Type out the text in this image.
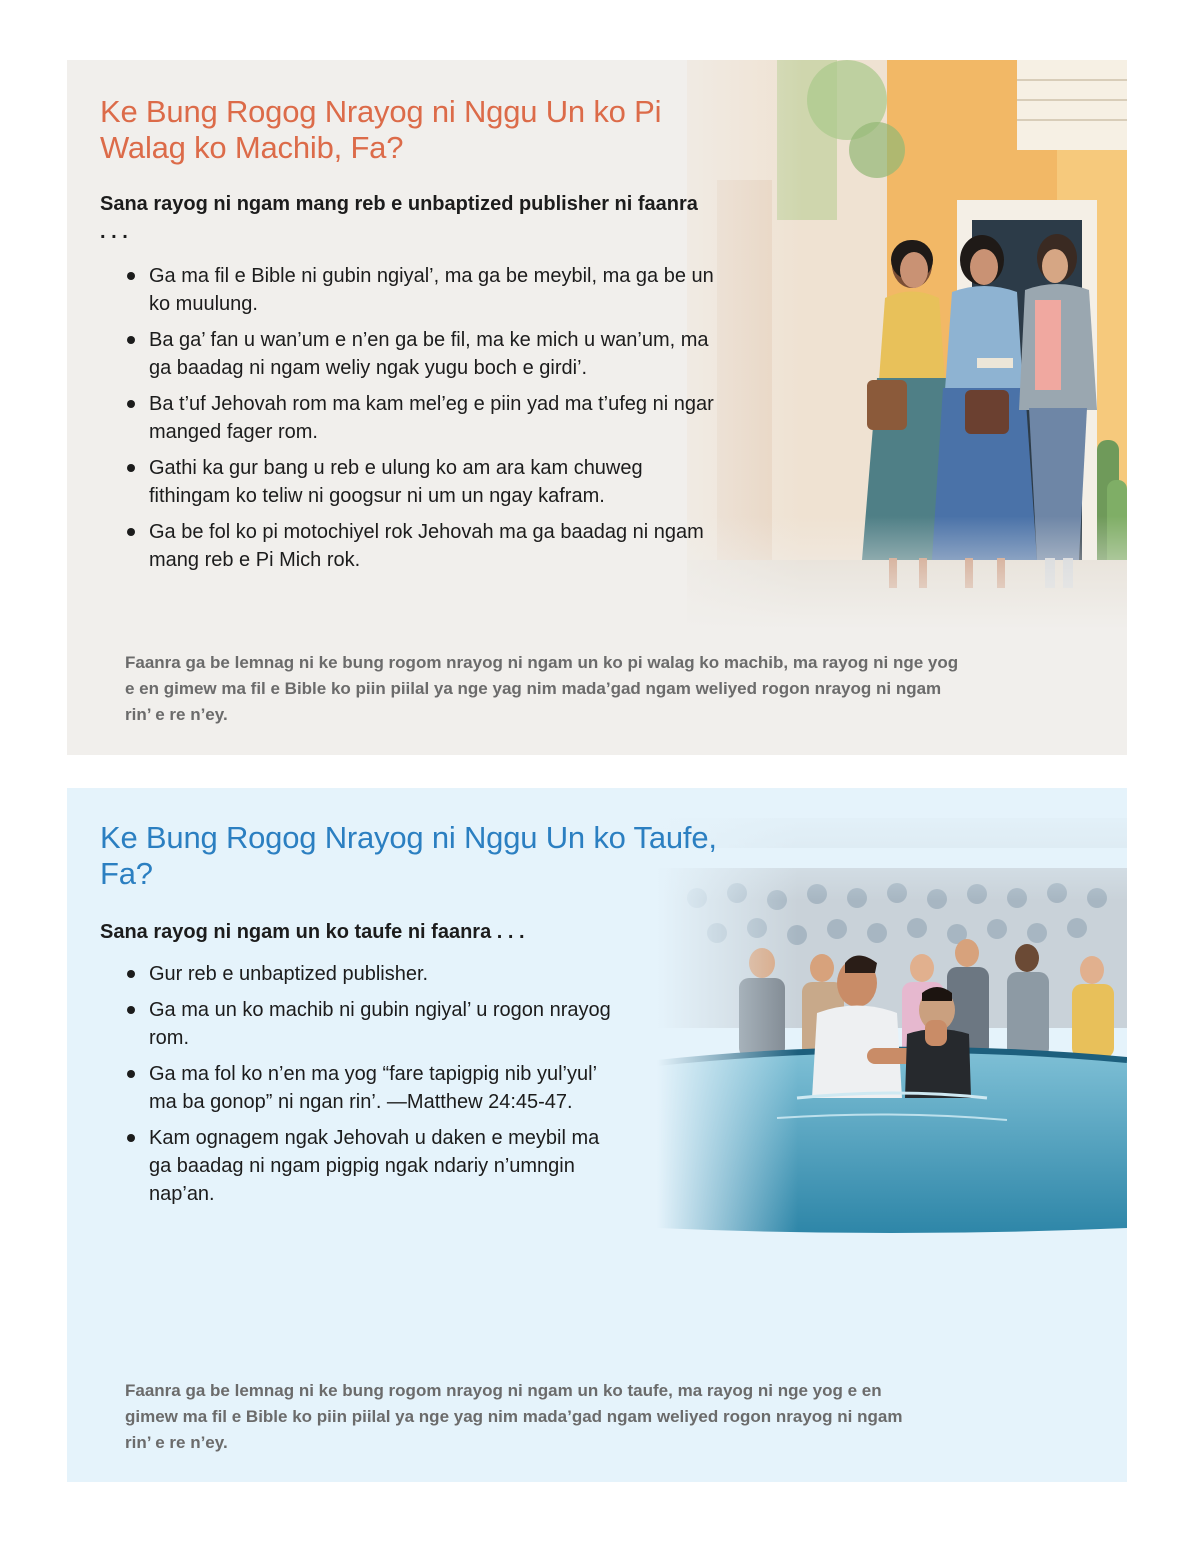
Ke Bung Rogog Nrayog ni Nggu Un ko Pi Walag ko Machib, Fa?

Sana rayog ni ngam mang reb e unbaptized publisher ni faanra . . .

Ga ma fil e Bible ni gubin ngiyal’, ma ga be meybil, ma ga be un ko muulung.
Ba ga’ fan u wan’um e n’en ga be fil, ma ke mich u wan’um, ma ga baadag ni ngam weliy ngak yugu boch e girdi’.
Ba t’uf Jehovah rom ma kam mel’eg e piin yad ma t’ufeg ni ngar manged fager rom.
Gathi ka gur bang u reb e ulung ko am ara kam chuweg fithingam ko teliw ni googsur ni um un ngay kafram.
Ga be fol ko pi motochiyel rok Jehovah ma ga baadag ni ngam mang reb e Pi Mich rok.

Faanra ga be lemnag ni ke bung rogom nrayog ni ngam un ko pi walag ko machib, ma rayog ni nge yog e en gimew ma fil e Bible ko piin piilal ya nge yag nim mada’gad ngam weliyed rogon nrayog ni ngam rin’ e re n’ey.

Ke Bung Rogog Nrayog ni Nggu Un ko Taufe, Fa?

Sana rayog ni ngam un ko taufe ni faanra . . .

Gur reb e unbaptized publisher.
Ga ma un ko machib ni gubin ngiyal’ u rogon nrayog rom.
Ga ma fol ko n’en ma yog “fare tapigpig nib yul’yul’ ma ba gonop” ni ngan rin’. —Matthew 24:45-47.
Kam ognagem ngak Jehovah u daken e meybil ma ga baadag ni ngam pigpig ngak ndariy n’umngin nap’an.

Faanra ga be lemnag ni ke bung rogom nrayog ni ngam un ko taufe, ma rayog ni nge yog e en gimew ma fil e Bible ko piin piilal ya nge yag nim mada’gad ngam weliyed rogon nrayog ni ngam rin’ e re n’ey.
